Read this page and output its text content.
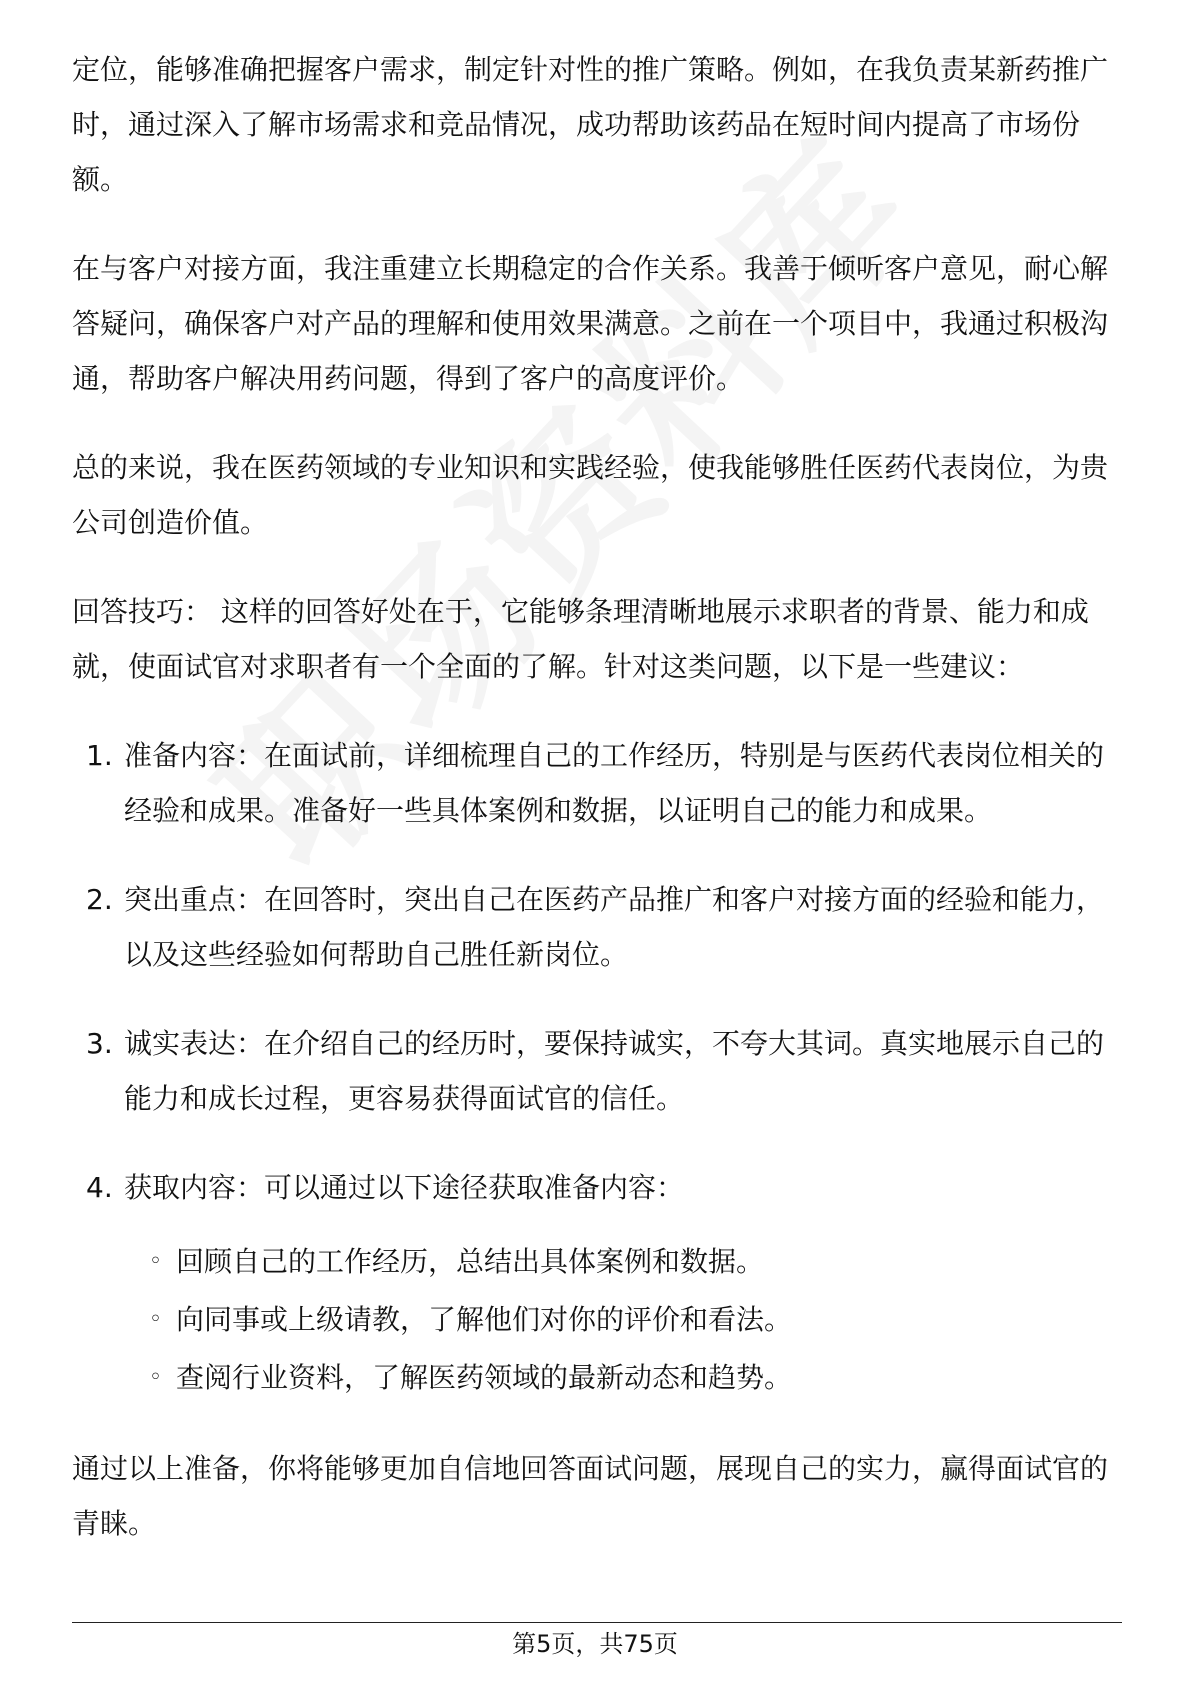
定位，能够准确把握客户需求，制定针对性的推广策略。例如，在我负责某新药推广时，通过深入了解市场需求和竞品情况，成功帮助该药品在短时间内提高了市场份额。

在与客户对接方面，我注重建立长期稳定的合作关系。我善于倾听客户意见，耐心解答疑问，确保客户对产品的理解和使用效果满意。之前在一个项目中，我通过积极沟通，帮助客户解决用药问题，得到了客户的高度评价。

总的来说，我在医药领域的专业知识和实践经验，使我能够胜任医药代表岗位，为贵公司创造价值。

回答技巧： 这样的回答好处在于，它能够条理清晰地展示求职者的背景、能力和成就，使面试官对求职者有一个全面的了解。针对这类问题，以下是一些建议：

1. 准备内容：在面试前，详细梳理自己的工作经历，特别是与医药代表岗位相关的经验和成果。准备好一些具体案例和数据，以证明自己的能力和成果。
2. 突出重点：在回答时，突出自己在医药产品推广和客户对接方面的经验和能力，以及这些经验如何帮助自己胜任新岗位。
3. 诚实表达：在介绍自己的经历时，要保持诚实，不夸大其词。真实地展示自己的能力和成长过程，更容易获得面试官的信任。
4. 获取内容：可以通过以下途径获取准备内容：
◦ 回顾自己的工作经历，总结出具体案例和数据。
◦ 向同事或上级请教，了解他们对你的评价和看法。
◦ 查阅行业资料，了解医药领域的最新动态和趋势。

通过以上准备，你将能够更加自信地回答面试问题，展现自己的实力，赢得面试官的青睐。

第5页，共75页
